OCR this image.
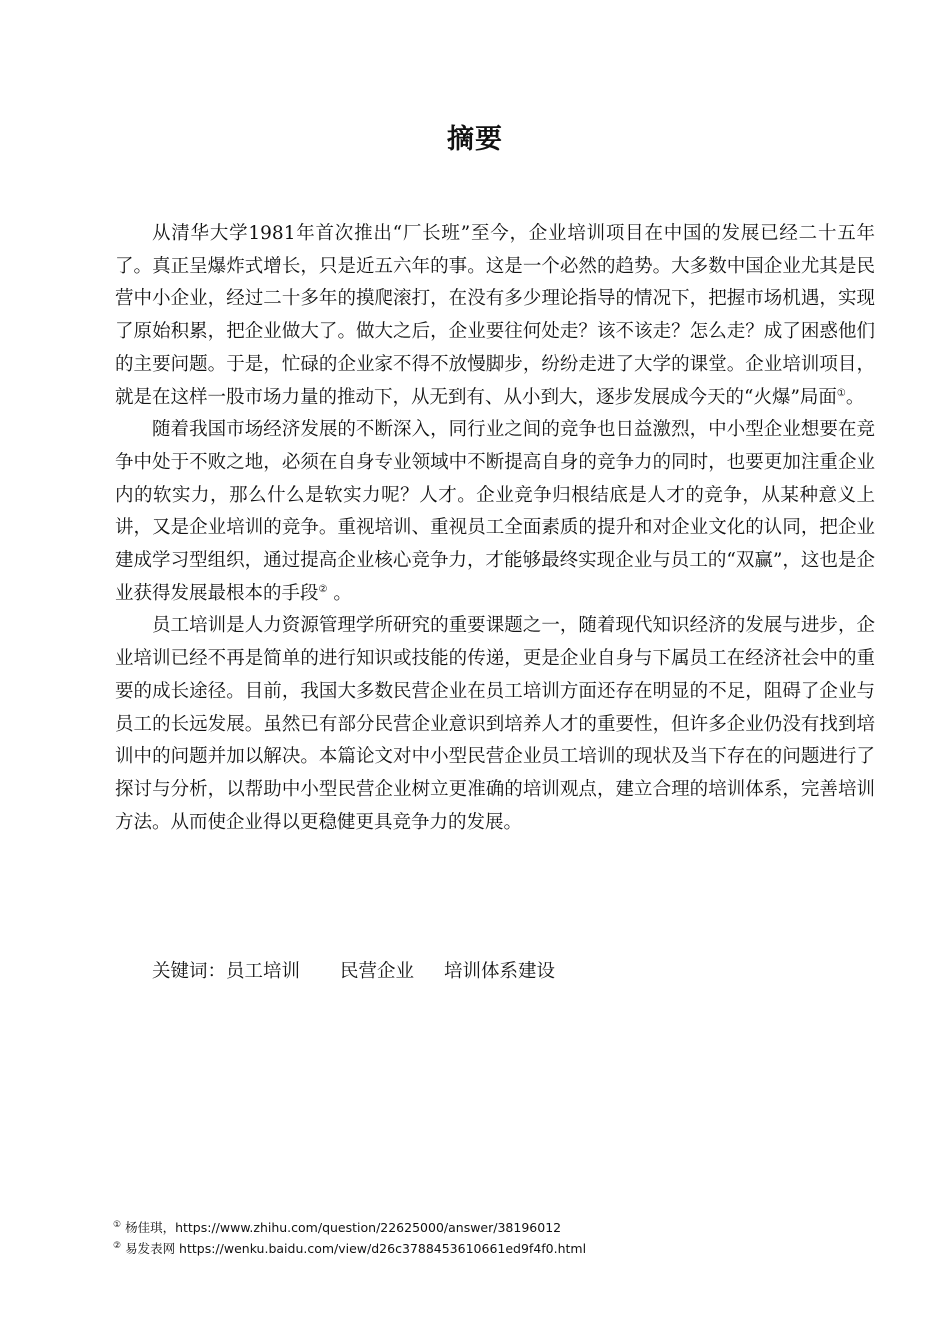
摘要

从清华大学1981年首次推出“厂长班”至今，企业培训项目在中国的发展已经二十五年了。真正呈爆炸式增长，只是近五六年的事。这是一个必然的趋势。大多数中国企业尤其是民营中小企业，经过二十多年的摸爬滚打，在没有多少理论指导的情况下，把握市场机遇，实现了原始积累，把企业做大了。做大之后，企业要往何处走？该不该走？怎么走？成了困惑他们的主要问题。于是，忙碌的企业家不得不放慢脚步，纷纷走进了大学的课堂。企业培训项目，就是在这样一股市场力量的推动下，从无到有、从小到大，逐步发展成今天的“火爆”局面①。

随着我国市场经济发展的不断深入，同行业之间的竞争也日益激烈，中小型企业想要在竞争中处于不败之地，必须在自身专业领域中不断提高自身的竞争力的同时，也要更加注重企业内的软实力，那么什么是软实力呢？人才。企业竞争归根结底是人才的竞争，从某种意义上讲，又是企业培训的竞争。重视培训、重视员工全面素质的提升和对企业文化的认同，把企业建成学习型组织，通过提高企业核心竞争力，才能够最终实现企业与员工的“双赢”，这也是企业获得发展最根本的手段② 。

员工培训是人力资源管理学所研究的重要课题之一，随着现代知识经济的发展与进步，企业培训已经不再是简单的进行知识或技能的传递，更是企业自身与下属员工在经济社会中的重要的成长途径。目前，我国大多数民营企业在员工培训方面还存在明显的不足，阻碍了企业与员工的长远发展。虽然已有部分民营企业意识到培养人才的重要性，但许多企业仍没有找到培训中的问题并加以解决。本篇论文对中小型民营企业员工培训的现状及当下存在的问题进行了探讨与分析，以帮助中小型民营企业树立更准确的培训观点，建立合理的培训体系，完善培训方法。从而使企业得以更稳健更具竞争力的发展。

关键词：员工培训 民营企业 培训体系建设
① 杨佳琪，https://www.zhihu.com/question/22625000/answer/38196012
② 易发表网 https://wenku.baidu.com/view/d26c3788453610661ed9f4f0.html
